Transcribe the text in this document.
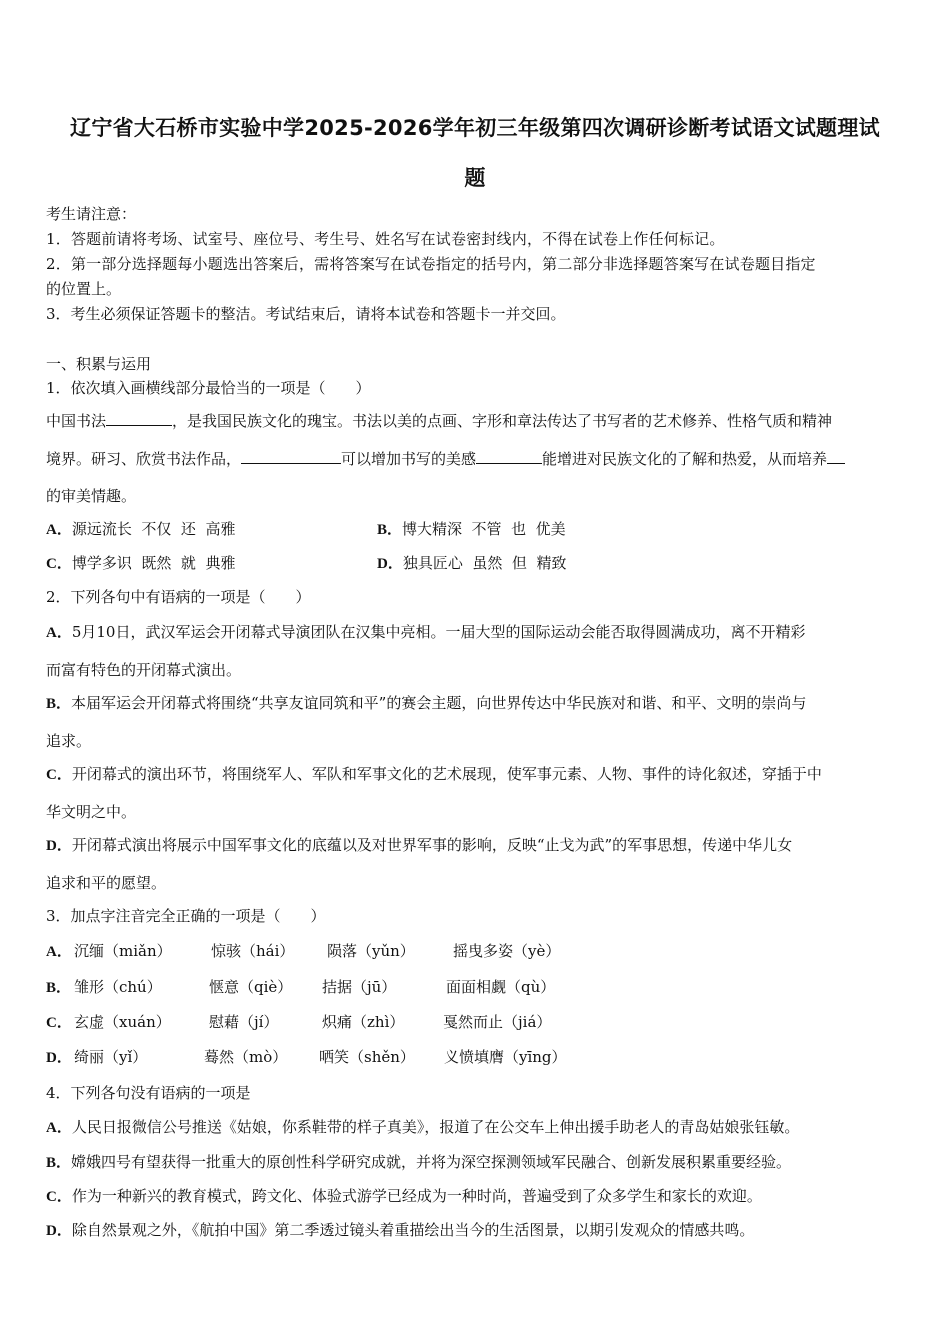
辽宁省大石桥市实验中学2025-2026学年初三年级第四次调研诊断考试语文试题理试
题
考生请注意：
1．答题前请将考场、试室号、座位号、考生号、姓名写在试卷密封线内，不得在试卷上作任何标记。
2．第一部分选择题每小题选出答案后，需将答案写在试卷指定的括号内，第二部分非选择题答案写在试卷题目指定
的位置上。
3．考生必须保证答题卡的整洁。考试结束后，请将本试卷和答题卡一并交回。
一、积累与运用
1．依次填入画横线部分最恰当的一项是（　　）
中国书法	，是我国民族文化的瑰宝。书法以美的点画、字形和章法传达了书写者的艺术修养、性格气质和精神
境界。研习、欣赏书法作品，	可以增加书写的美感	能增进对民族文化的了解和热爱，从而培养
的审美情趣。
A．源远流长  不仅  还  高雅	B．博大精深  不管  也  优美
C．博学多识  既然  就  典雅	D．独具匠心  虽然  但  精致
2．下列各句中有语病的一项是（　　）
A．5月10日，武汉军运会开闭幕式导演团队在汉集中亮相。一届大型的国际运动会能否取得圆满成功，离不开精彩
而富有特色的开闭幕式演出。
B．本届军运会开闭幕式将围绕“共享友谊同筑和平”的赛会主题，向世界传达中华民族对和谐、和平、文明的崇尚与
追求。
C．开闭幕式的演出环节，将围绕军人、军队和军事文化的艺术展现，使军事元素、人物、事件的诗化叙述，穿插于中
华文明之中。
D．开闭幕式演出将展示中国军事文化的底蕴以及对世界军事的影响，反映“止戈为武”的军事思想，传递中华儿女
追求和平的愿望。
3．加点字注音完全正确的一项是（　　）
A． 沉缅（miǎn）	惊骇（hái） 陨落（yǔn）	摇曳多姿（yè）
B． 雏形（chú）	惬意（qiè） 拮据（jū）	面面相觑（qù）
C． 玄虚（xuán）	慰藉（jí）	炽痛（zhì）	戛然而止（jiá）
D． 绮丽（yǐ）	蓦然（mò） 哂笑（shěn） 义愤填膺（yīng）
4．下列各句没有语病的一项是
A．人民日报微信公号推送《姑娘，你系鞋带的样子真美》，报道了在公交车上伸出援手助老人的青岛姑娘张钰敏。
B．嫦娥四号有望获得一批重大的原创性科学研究成就，并将为深空探测领域军民融合、创新发展积累重要经验。
C．作为一种新兴的教育模式，跨文化、体验式游学已经成为一种时尚，普遍受到了众多学生和家长的欢迎。
D．除自然景观之外，《航拍中国》第二季透过镜头着重描绘出当今的生活图景，以期引发观众的情感共鸣。
